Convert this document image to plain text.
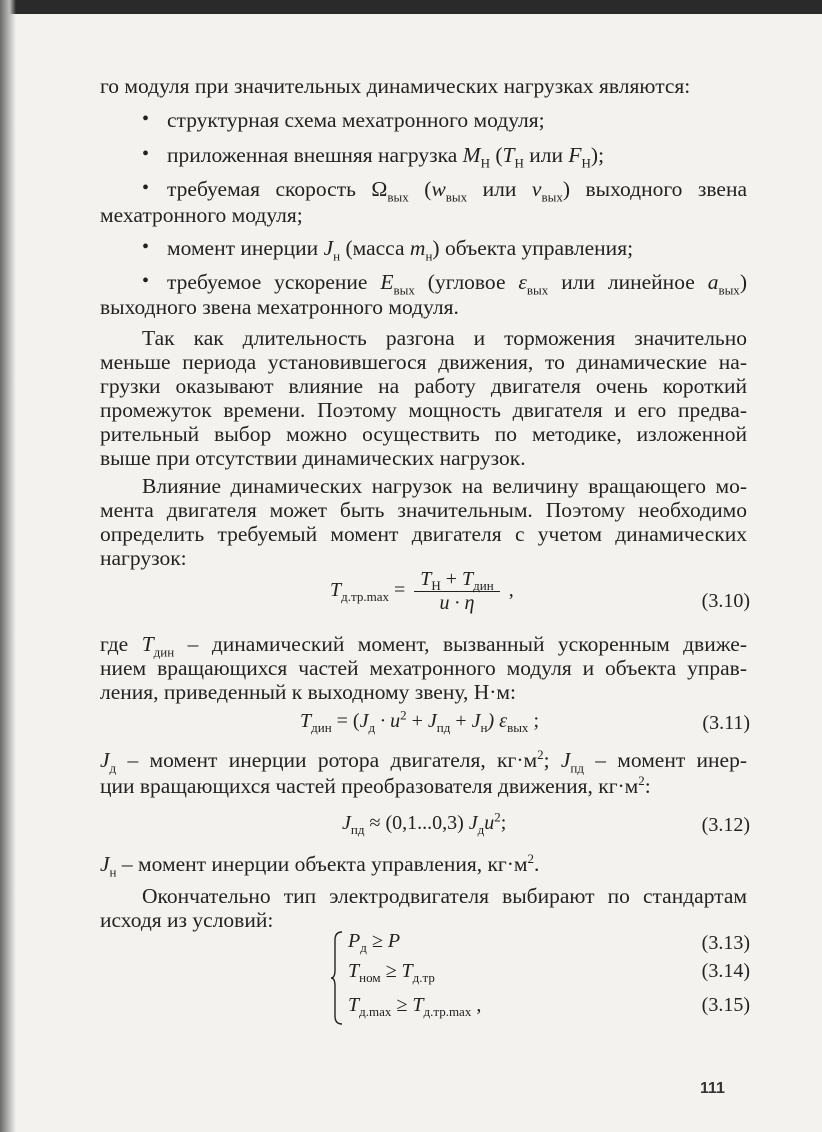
го модуля при значительных динамических нагрузках являются:
• структурная схема мехатронного модуля;
• приложенная внешняя нагрузка $M_Н$ ($T_Н$ или $F_Н$);
• требуемая скорость $\Omega_{вых}$ ($w_{вых}$ или $v_{вых}$) выходного звена
мехатронного модуля;
• момент инерции $J_н$ (масса $m_н$) объекта управления;
• требуемое ускорение $E_{вых}$ (угловое $\varepsilon_{вых}$ или линейное $a_{вых}$)
выходного звена мехатронного модуля.
Так как длительность разгона и торможения значительно
меньше периода установившегося движения, то динамические на-
грузки оказывают влияние на работу двигателя очень короткий
промежуток времени. Поэтому мощность двигателя и его предва-
рительный выбор можно осуществить по методике, изложенной
выше при отсутствии динамических нагрузок.
Влияние динамических нагрузок на величину вращающего мо-
мента двигателя может быть значительным. Поэтому необходимо
определить требуемый момент двигателя с учетом динамических
нагрузок:
$T_{д.тр.max} = \frac{T_Н + T_{дин}}{u \cdot \eta}$ ,	(3.10)
где $T_{дин}$ – динамический момент, вызванный ускоренным движе-
нием вращающихся частей мехатронного модуля и объекта управ-
ления, приведенный к выходному звену, Н·м:
$T_{дин} = (J_д \cdot u^2 + J_{пд} + J_н)$ $\varepsilon_{вых}$ ;	(3.11)
$J_д$ – момент инерции ротора двигателя, $кг\cdot м^2$; $J_{пд}$ – момент инер-
ции вращающихся частей преобразователя движения, $кг\cdot м^2$:
$J_{пд} \approx (0,1...0,3)$ $J_дu^2$;	(3.12)
$J_н$ – момент инерции объекта управления, $кг\cdot м^2$.
Окончательно тип электродвигателя выбирают по стандартам
исходя из условий:
$P_д \ge P$	(3.13)
$T_{ном} \ge T_{д.тр}$	(3.14)
$T_{д.max} \ge T_{д.тр.max}$ ,	(3.15)
111
